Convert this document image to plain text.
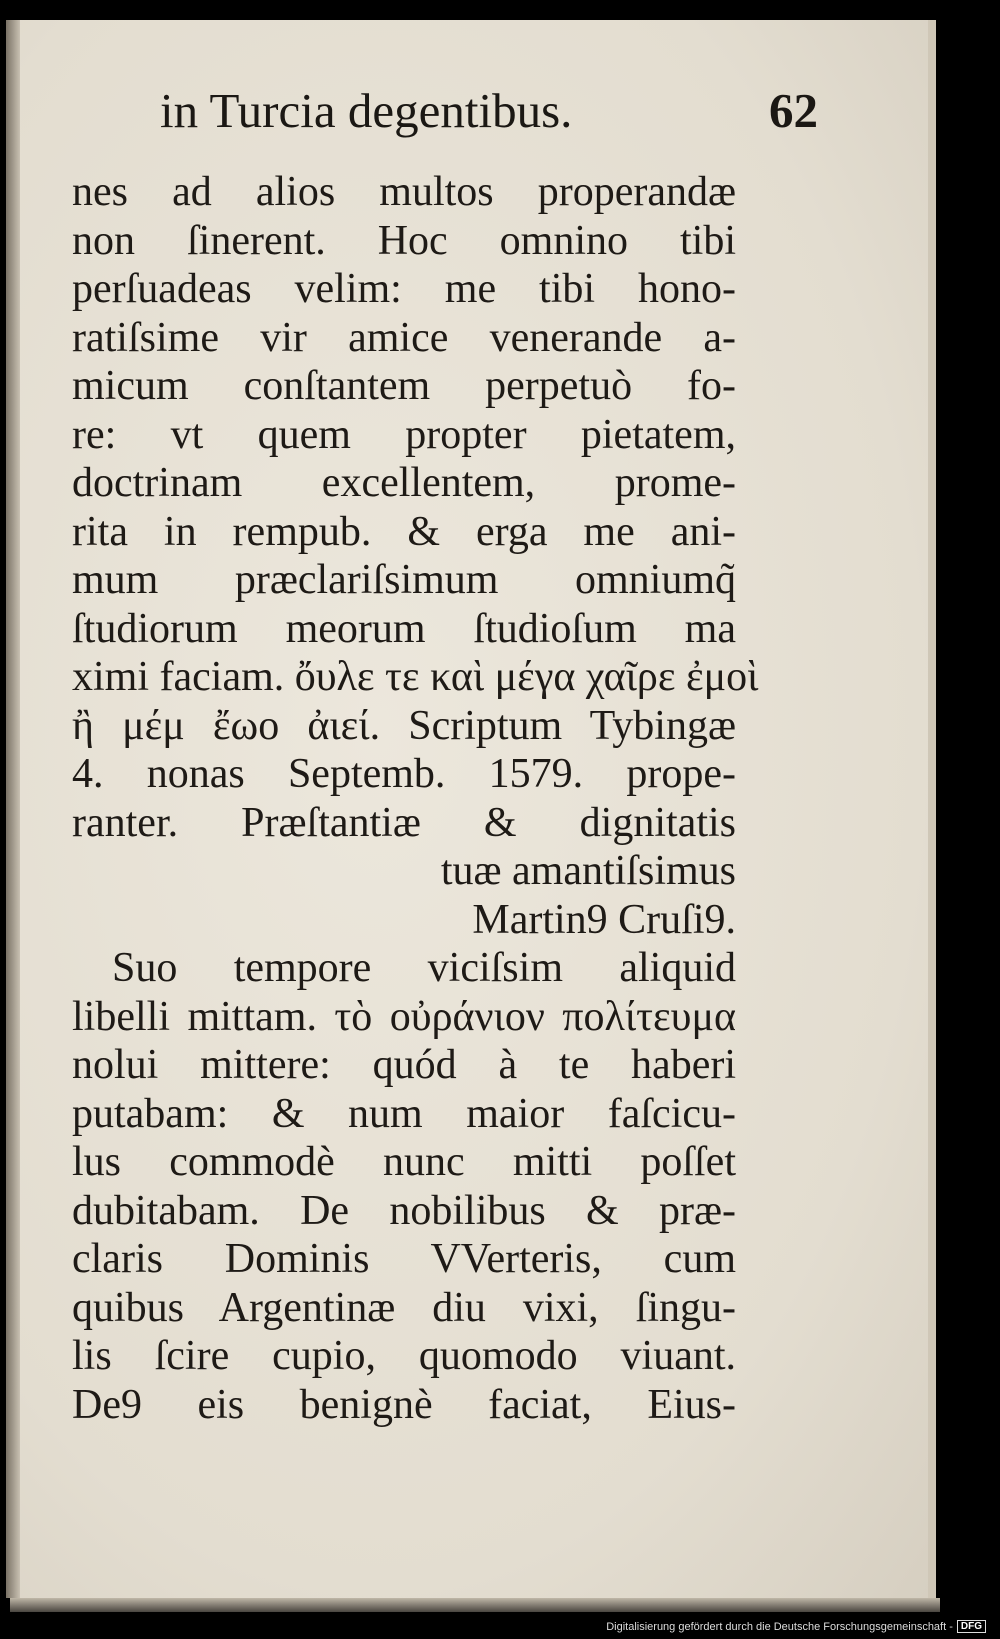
in Turcia degentibus.	62
nes ad alios multos properandæ
non ſinerent. Hoc omnino tibi
perſuadeas velim: me tibi hono-
ratiſsime vir amice venerande a-
micum conſtantem perpetuò fo-
re: vt quem propter pietatem,
doctrinam excellentem, prome-
rita in rempub. & erga me ani-
mum præclariſsimum omniumq̃
ſtudiorum meorum ſtudioſum ma
ximi faciam. ὄυλε τε καὶ μέγα χαῖρε ἐμοὶ
ἢ μέμ ἔωο ἀιεί. Scriptum Tybingæ
4. nonas Septemb. 1579. prope-
ranter. Præſtantiæ & dignitatis
tuæ amantiſsimus
Martin9 Cruſi9.
Suo tempore viciſsim aliquid
libelli mittam. τὸ οὐράνιον πολίτευμα
nolui mittere: quód à te haberi
putabam: & num maior faſcicu-
lus commodè nunc mitti poſſet
dubitabam. De nobilibus & præ-
claris Dominis VVerteris, cum
quibus Argentinæ diu vixi, ſingu-
lis ſcire cupio, quomodo viuant.
De9 eis benignè faciat, Eius-
Digitalisierung gefördert durch die Deutsche Forschungsgemeinschaft - DFG
